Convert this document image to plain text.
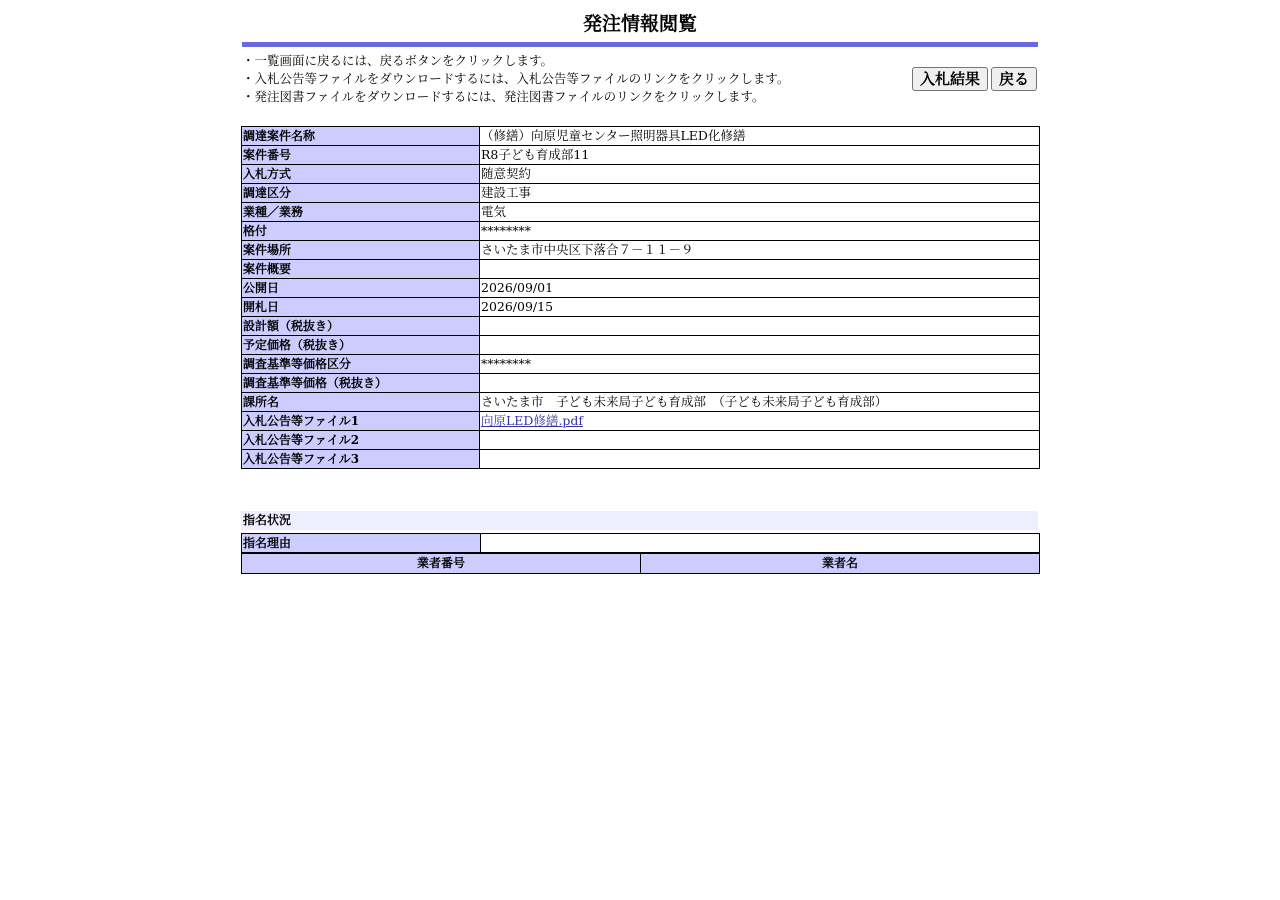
発注情報閲覧
・一覧画面に戻るには、戻るボタンをクリックします。
・入札公告等ファイルをダウンロードするには、入札公告等ファイルのリンクをクリックします。
・発注図書ファイルをダウンロードするには、発注図書ファイルのリンクをクリックします。
入札結果	戻る
調達案件名称	（修繕）向原児童センター照明器具LED化修繕
案件番号	R8子ども育成部11
入札方式	随意契約
調達区分	建設工事
業種／業務	電気
格付	********
案件場所	さいたま市中央区下落合７－１１－９
案件概要	
公開日	2026/09/01
開札日	2026/09/15
設計額（税抜き）	
予定価格（税抜き）	
調査基準等価格区分	********
調査基準等価格（税抜き）	
課所名	さいたま市　子ども未来局子ども育成部　（子ども未来局子ども育成部）
入札公告等ファイル1	向原LED修繕.pdf
入札公告等ファイル2	
入札公告等ファイル3	
指名状況
指名理由	
業者番号	業者名
